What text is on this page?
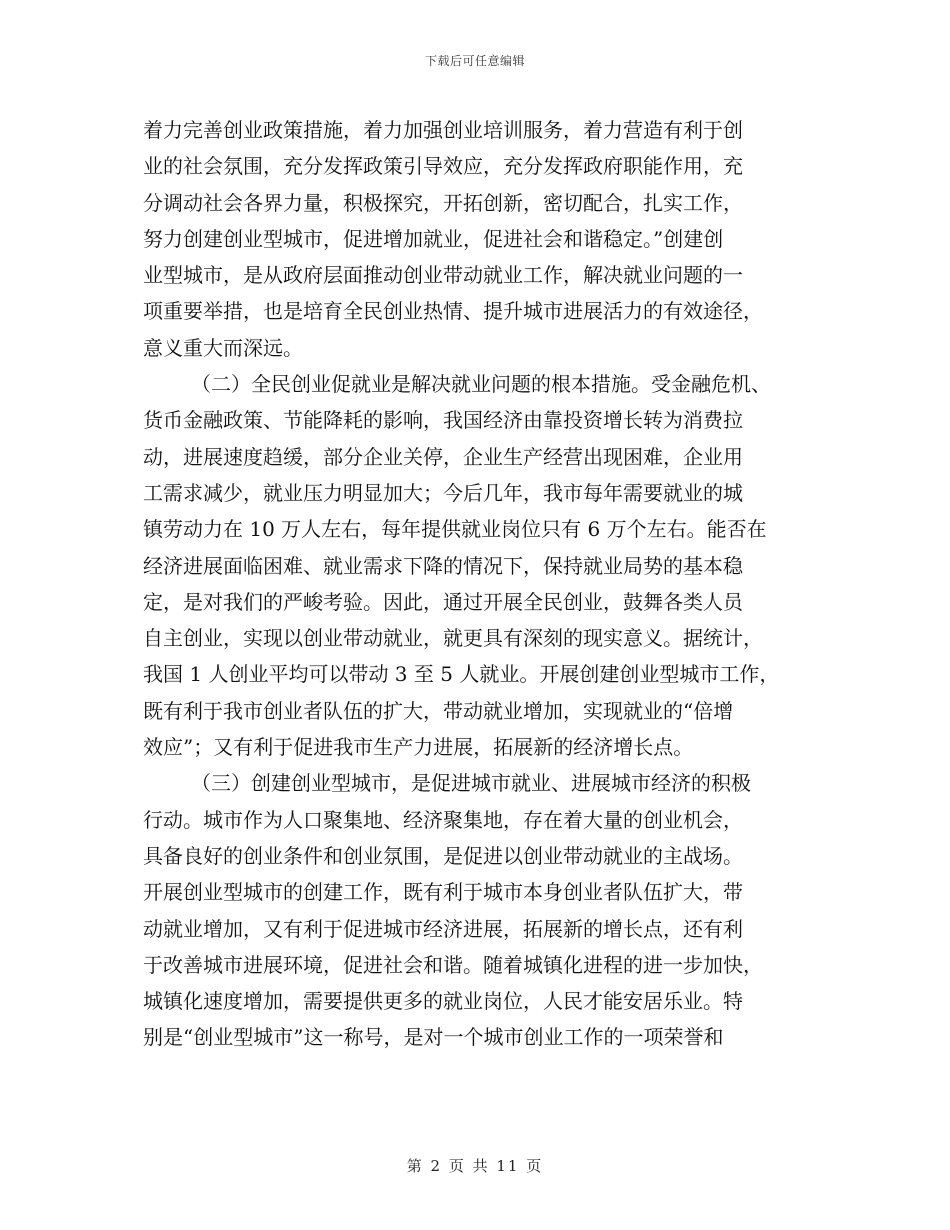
下载后可任意编辑
着力完善创业政策措施，着力加强创业培训服务，着力营造有利于创
业的社会氛围，充分发挥政策引导效应，充分发挥政府职能作用，充
分调动社会各界力量，积极探究，开拓创新，密切配合，扎实工作，
努力创建创业型城市，促进增加就业，促进社会和谐稳定。”创建创
业型城市，是从政府层面推动创业带动就业工作，解决就业问题的一
项重要举措，也是培育全民创业热情、提升城市进展活力的有效途径，
意义重大而深远。
（二）全民创业促就业是解决就业问题的根本措施。受金融危机、
货币金融政策、节能降耗的影响，我国经济由靠投资增长转为消费拉
动，进展速度趋缓，部分企业关停，企业生产经营出现困难，企业用
工需求减少，就业压力明显加大；今后几年，我市每年需要就业的城
镇劳动力在 10 万人左右，每年提供就业岗位只有 6 万个左右。能否在
经济进展面临困难、就业需求下降的情况下，保持就业局势的基本稳
定，是对我们的严峻考验。因此，通过开展全民创业，鼓舞各类人员
自主创业，实现以创业带动就业，就更具有深刻的现实意义。据统计，
我国 1 人创业平均可以带动 3 至 5 人就业。开展创建创业型城市工作，
既有利于我市创业者队伍的扩大，带动就业增加，实现就业的“倍增
效应”；又有利于促进我市生产力进展，拓展新的经济增长点。
（三）创建创业型城市，是促进城市就业、进展城市经济的积极
行动。城市作为人口聚集地、经济聚集地，存在着大量的创业机会，
具备良好的创业条件和创业氛围，是促进以创业带动就业的主战场。
开展创业型城市的创建工作，既有利于城市本身创业者队伍扩大，带
动就业增加，又有利于促进城市经济进展，拓展新的增长点，还有利
于改善城市进展环境，促进社会和谐。随着城镇化进程的进一步加快，
城镇化速度增加，需要提供更多的就业岗位，人民才能安居乐业。特
别是“创业型城市”这一称号，是对一个城市创业工作的一项荣誉和
第 2 页 共 11 页
